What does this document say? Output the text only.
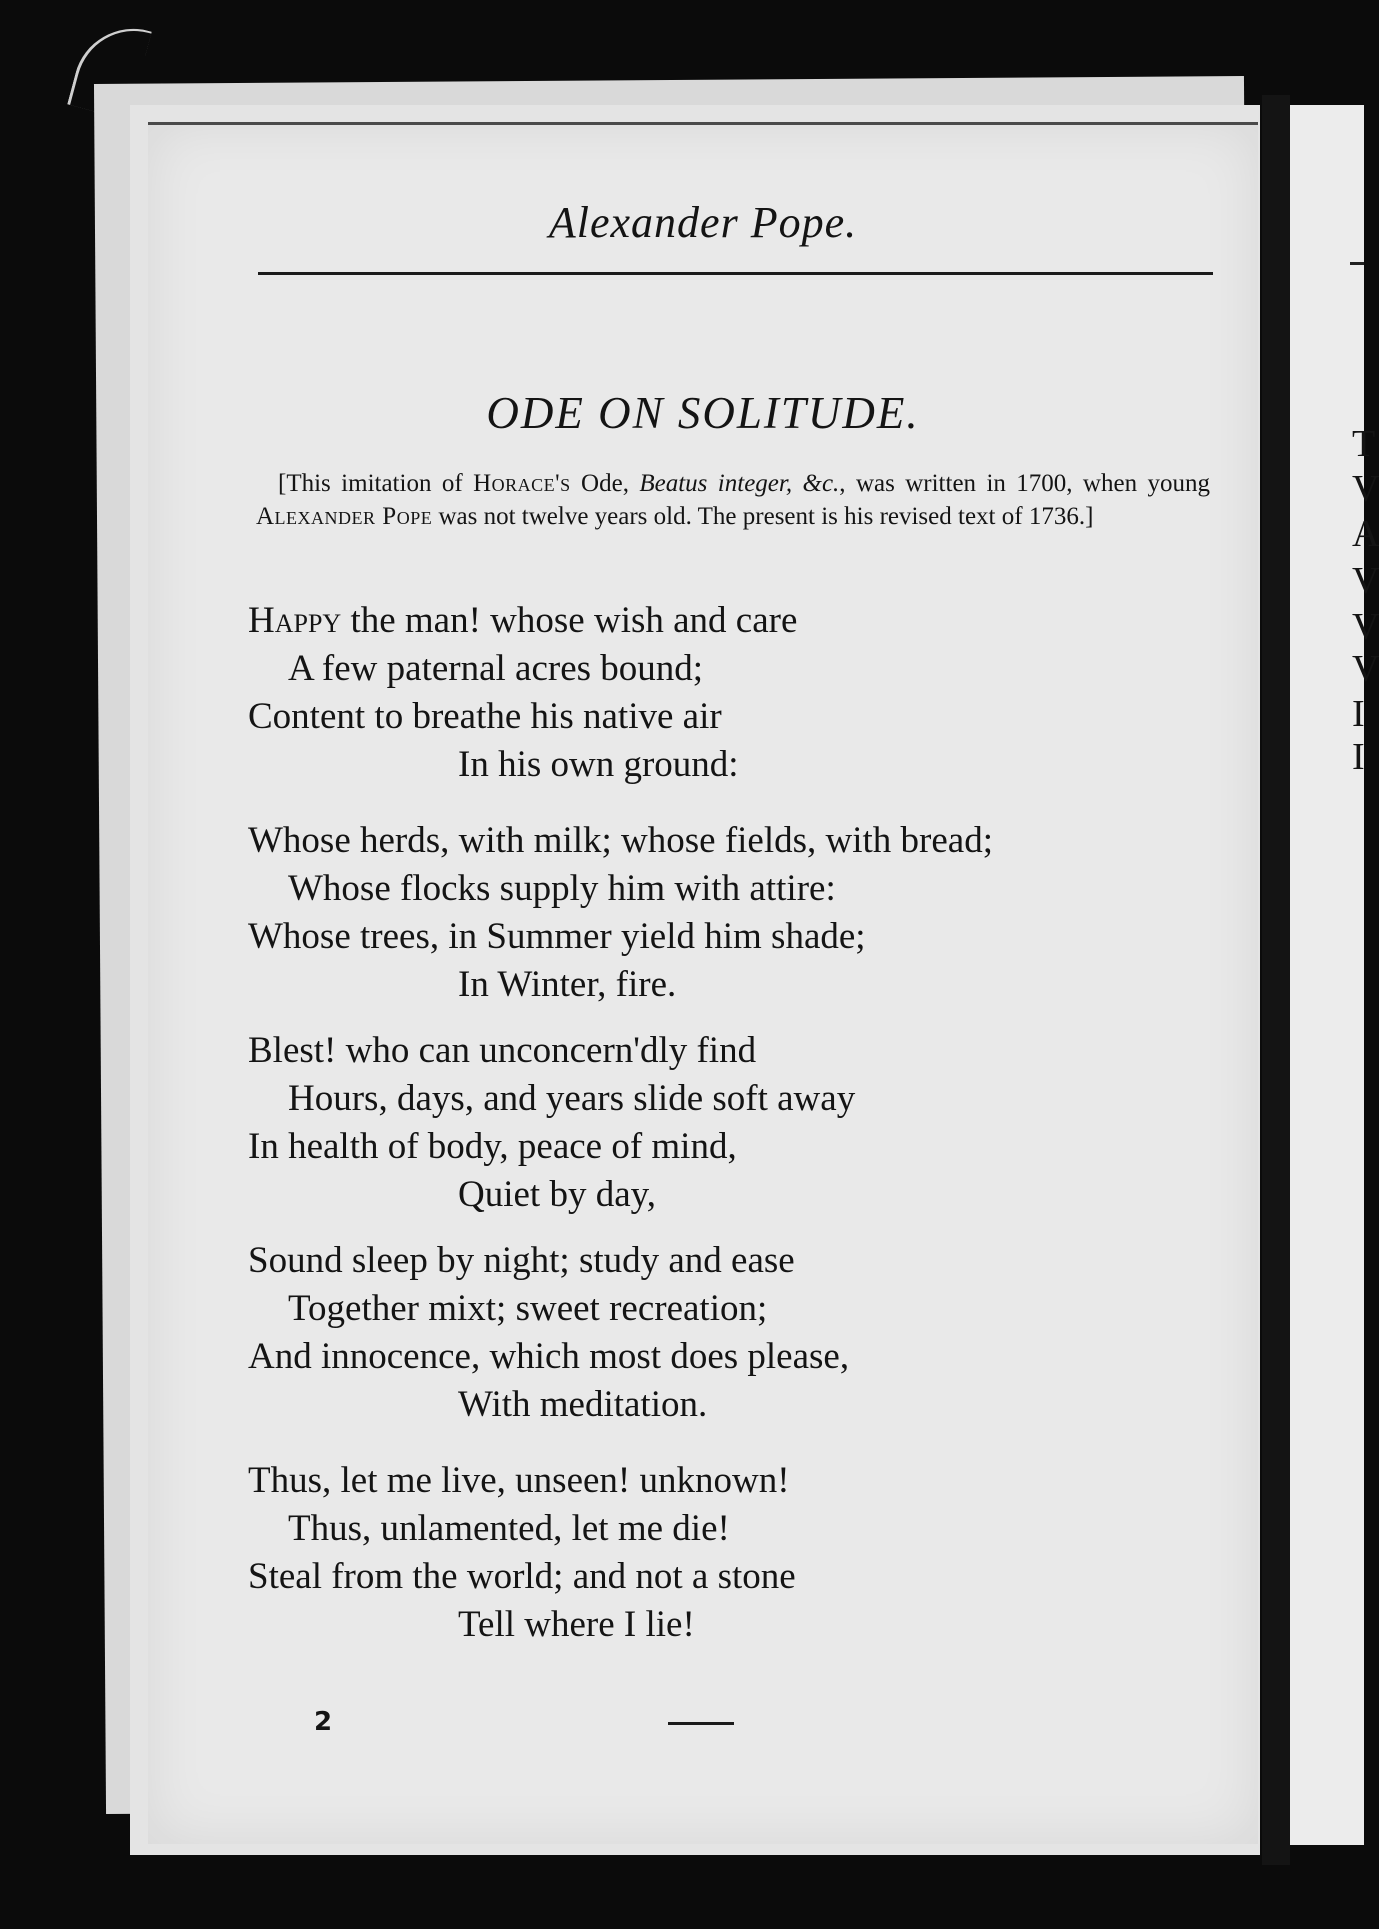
T
V
A
V
V
V
I
I
Alexander Pope.
ODE ON SOLITUDE.
[This imitation of Horace's Ode, Beatus integer, &c., was written in 1700, when young Alexander Pope was not twelve years old. The present is his revised text of 1736.]
Happy the man! whose wish and care
A few paternal acres bound;
Content to breathe his native air
In his own ground:
Whose herds, with milk; whose fields, with bread;
Whose flocks supply him with attire:
Whose trees, in Summer yield him shade;
In Winter, fire.
Blest! who can unconcern'dly find
Hours, days, and years slide soft away
In health of body, peace of mind,
Quiet by day,
Sound sleep by night; study and ease
Together mixt; sweet recreation;
And innocence, which most does please,
With meditation.
Thus, let me live, unseen! unknown!
Thus, unlamented, let me die!
Steal from the world; and not a stone
Tell where I lie!
2
